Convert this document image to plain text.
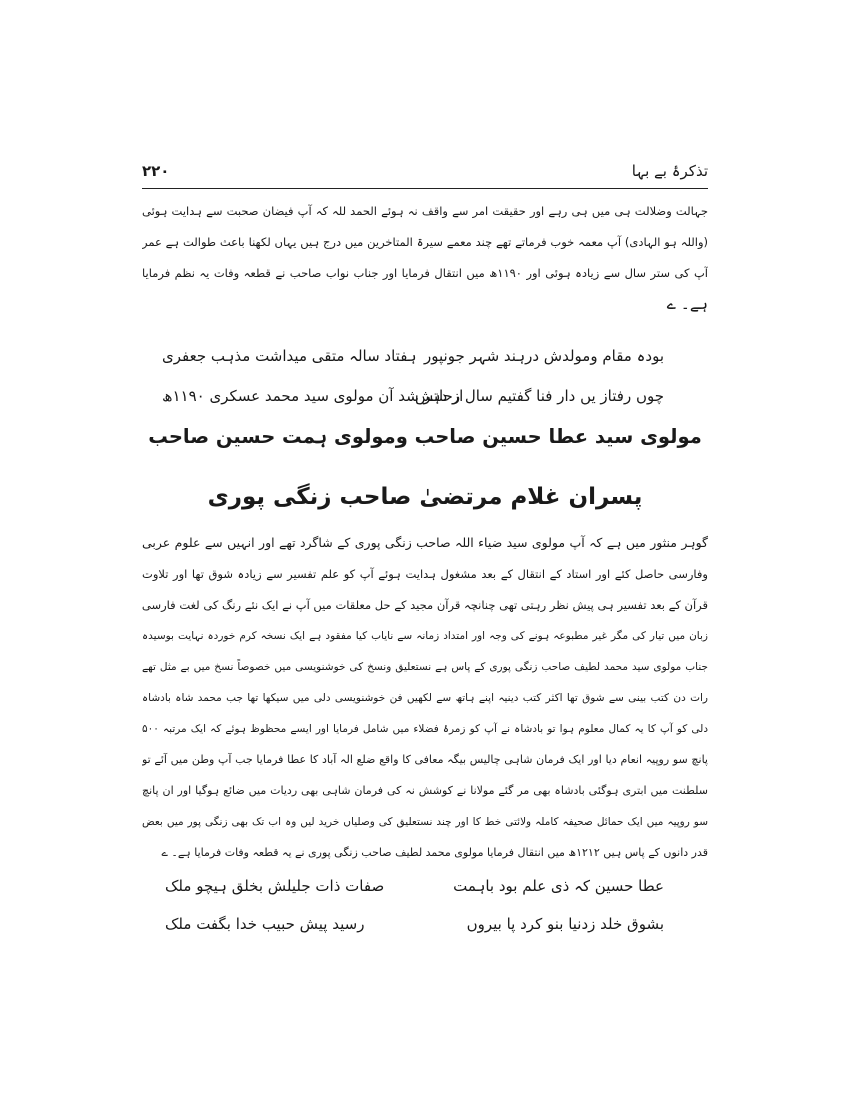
۲۲۰	تذکرۂ بے بہا
جہالت وضلالت ہی میں ہی رہے اور حقیقت امر سے واقف نہ ہوئے الحمد للہ کہ آپ فیضان صحبت سے ہدایت ہوئی
(واللہ ہو الہادی) آپ معمہ خوب فرماتے تھے چند معمے سیرۃ المتاخرین میں درج ہیں یہاں لکھنا باعث طوالت ہے عمر
آپ کی ستر سال سے زیادہ ہوئی اور ۱۱۹۰ھ میں انتقال فرمایا اور جناب نواب صاحب نے قطعہ وفات یہ نظم فرمایا
ہے۔ ے
بودہ مقام ومولدش درہند شہر جونپور
ہفتاد سالہ متقی میداشت مذہب جعفری
چوں رفتاز یں دار فنا گفتیم سال رحلتش
از دہر شد آن مولوی سید محمد عسکری ۱۱۹۰ھ
مولوی سید عطا حسین صاحب ومولوی ہمت حسین صاحب
پسران غلام مرتضیٰ صاحب زنگی پوری
گوہر منثور میں ہے کہ آپ مولوی سید ضیاء اللہ صاحب زنگی پوری کے شاگرد تھے اور انہیں سے علوم عربی
وفارسی حاصل کئے اور استاد کے انتقال کے بعد مشغول ہدایت ہوئے آپ کو علم تفسیر سے زیادہ شوق تھا اور تلاوت
قرآن کے بعد تفسیر ہی پیش نظر رہتی تھی چنانچہ قرآن مجید کے حل معلقات میں آپ نے ایک نئے رنگ کی لغت فارسی
زبان میں تیار کی مگر غیر مطبوعہ ہونے کی وجہ اور امتداد زمانہ سے نایاب کیا مفقود ہے ایک نسخہ کرم خوردہ نہایت بوسیدہ
جناب مولوی سید محمد لطیف صاحب زنگی پوری کے پاس ہے نستعلیق ونسخ کی خوشنویسی میں خصوصاً نسخ میں بے مثل تھے
رات دن کتب بینی سے شوق تھا اکثر کتب دینیہ اپنے ہاتھ سے لکھیں فن خوشنویسی دلی میں سیکھا تھا جب محمد شاہ بادشاہ
دلی کو آپ کا یہ کمال معلوم ہوا تو بادشاہ نے آپ کو زمرۂ فضلاء میں شامل فرمایا اور ایسے محظوظ ہوئے کہ ایک مرتبہ ۵۰۰
پانچ سو روپیہ انعام دیا اور ایک فرمان شاہی چالیس بیگہ معافی کا واقع ضلع الہ آباد کا عطا فرمایا جب آپ وطن میں آئے تو
سلطنت میں ابتری ہوگئی بادشاہ بھی مر گئے مولانا نے کوشش نہ کی فرمان شاہی بھی ردیات میں ضائع ہوگیا اور ان پانچ
سو روپیہ میں ایک حمائل صحیفہ کاملہ ولائتی خط کا اور چند نستعلیق کی وصلیاں خرید لیں وہ اب تک بھی زنگی پور میں بعض
قدر دانوں کے پاس ہیں ۱۲۱۲ھ میں انتقال فرمایا مولوی محمد لطیف صاحب زنگی پوری نے یہ قطعہ وفات فرمایا ہے۔ ے
عطا حسین کہ ذی علم بود باہمت
صفات ذات جلیلش بخلق ہیچو ملک
بشوق خلد زدنیا بنو کرد پا بیروں
رسید پیش حبیب خدا بگفت ملک
